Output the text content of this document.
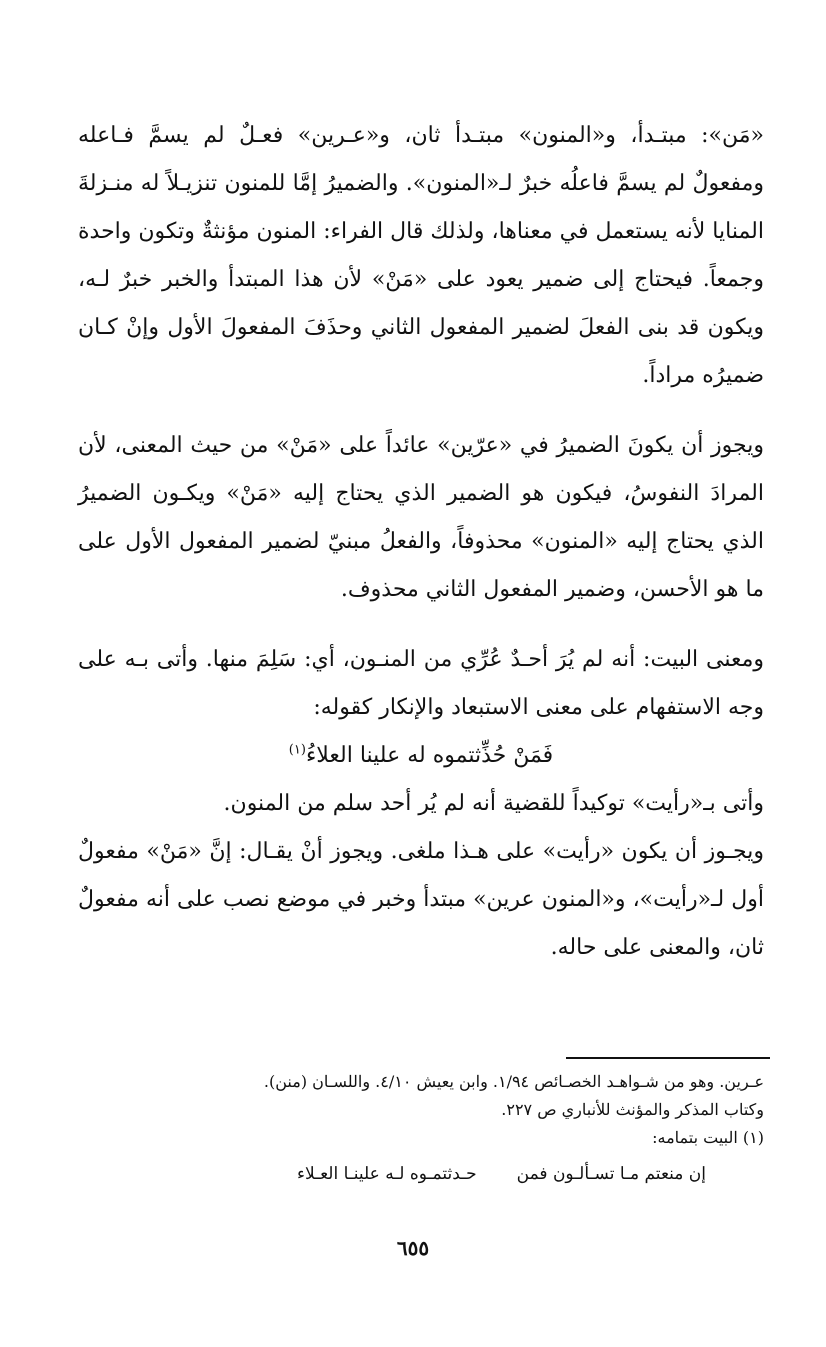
«مَن»: مبتـدأ، و«المنون» مبتـدأ ثان، و«عـرين» فعـلٌ لم يسمَّ فـاعله ومفعولٌ لم يسمَّ فاعلُه خبرٌ لـ«المنون». والضميرُ إمَّا للمنون تنزيـلاً له منـزلةَ المنايا لأنه يستعمل في معناها، ولذلك قال الفراء: المنون مؤنثةٌ وتكون واحدة وجمعاً. فيحتاج إلى ضمير يعود على «مَنْ» لأن هذا المبتدأ والخبر خبرٌ لـه، ويكون قد بنى الفعلَ لضمير المفعول الثاني وحذَفَ المفعولَ الأول وإنْ كـان ضميرُه مراداً.

ويجوز أن يكونَ الضميرُ في «عرّين» عائداً على «مَنْ» من حيث المعنى، لأن المرادَ النفوسُ، فيكون هو الضمير الذي يحتاج إليه «مَنْ» ويكـون الضميرُ الذي يحتاج إليه «المنون» محذوفاً، والفعلُ مبنيّ لضمير المفعول الأول على ما هو الأحسن، وضمير المفعول الثاني محذوف.

ومعنى البيت: أنه لم يُرَ أحـدٌ عُرِّي من المنـون، أي: سَلِمَ منها. وأتى بـه على وجه الاستفهام على معنى الاستبعاد والإنكار كقوله:

فَمَنْ حُذِّثتموه له علينا العلاءُ$^{(١)}$

وأتى بـ«رأيت» توكيداً للقضية أنه لم يُر أحد سلم من المنون.

ويجـوز أن يكون «رأيت» على هـذا ملغى. ويجوز أنْ يقـال: إنَّ «مَنْ» مفعولٌ أول لـ«رأيت»، و«المنون عرين» مبتدأ وخبر في موضع نصب على أنه مفعولٌ ثان، والمعنى على حاله.

عـرين. وهو من شـواهـد الخصـائص ١/٩٤. وابن يعيش ٤/١٠. واللسـان (منن).

وكتاب المذكر والمؤنث للأنباري ص ٢٢٧.

(١) البيت بتمامه:

إن منعتم مـا تسـألـون فمنحـدثتمـوه لـه علينـا العـلاء

٦٥٥
